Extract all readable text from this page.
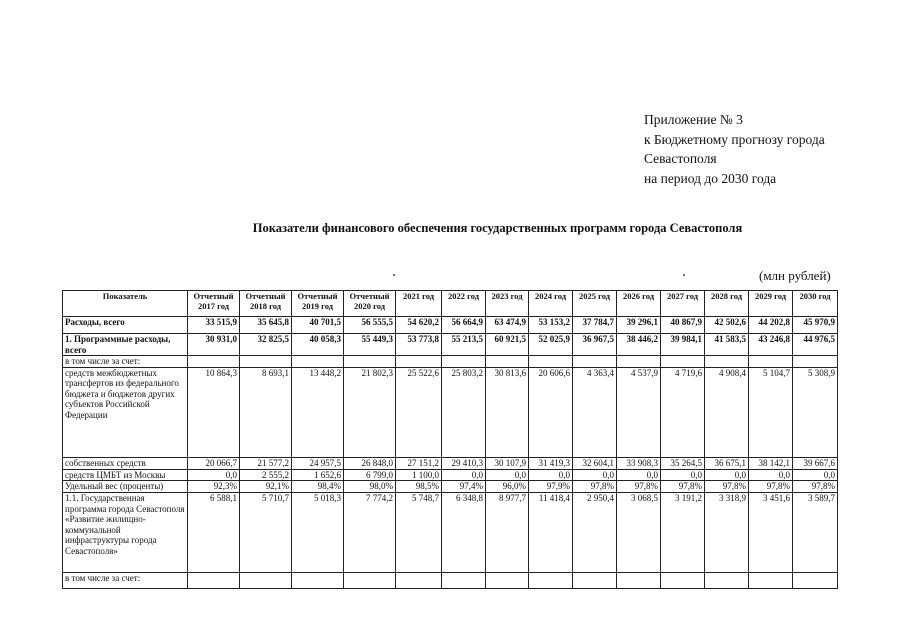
Приложение № 3
к Бюджетному прогнозу города
Севастополя
на период до 2030 года
Показатели финансового обеспечения государственных программ города Севастополя
(млн рублей)
Показатель	Отчетный 2017 год	Отчетный 2018 год	Отчетный 2019 год	Отчетный 2020 год	2021 год	2022 год	2023 год	2024 год	2025 год	2026 год	2027 год	2028 год	2029 год	2030 год
Расходы, всего	33 515,9	35 645,8	40 701,5	56 555,5	54 620,2	56 664,9	63 474,9	53 153,2	37 784,7	39 296,1	40 867,9	42 502,6	44 202,8	45 970,9
1. Программные расходы, всего	30 931,0	32 825,5	40 058,3	55 449,3	53 773,8	55 213,5	60 921,5	52 025,9	36 967,5	38 446,2	39 984,1	41 583,5	43 246,8	44 976,5
в том числе за счет:														
средств межбюджетных трансфертов из федерального бюджета и бюджетов других субъектов Российской Федерации	10 864,3	8 693,1	13 448,2	21 802,3	25 522,6	25 803,2	30 813,6	20 606,6	4 363,4	4 537,9	4 719,6	4 908,4	5 104,7	5 308,9
собственных средств	20 066,7	21 577,2	24 957,5	26 848,0	27 151,2	29 410,3	30 107,9	31 419,3	32 604,1	33 908,3	35 264,5	36 675,1	38 142,1	39 667,6
средств ЦМБТ из Москвы	0,0	2 555,2	1 652,6	6 799,0	1 100,0	0,0	0,0	0,0	0,0	0,0	0,0	0,0	0,0	0,0
Удельный вес (проценты)	92,3%	92,1%	98,4%	98,0%	98,5%	97,4%	96,0%	97,9%	97,8%	97,8%	97,8%	97,8%	97,8%	97,8%
1.1. Государственная программа города Севастополя «Развитие жилищно-коммунальной инфраструктуры города Севастополя»	6 588,1	5 710,7	5 018,3	7 774,2	5 748,7	6 348,8	8 977,7	11 418,4	2 950,4	3 068,5	3 191,2	3 318,9	3 451,6	3 589,7
в том числе за счет:														
